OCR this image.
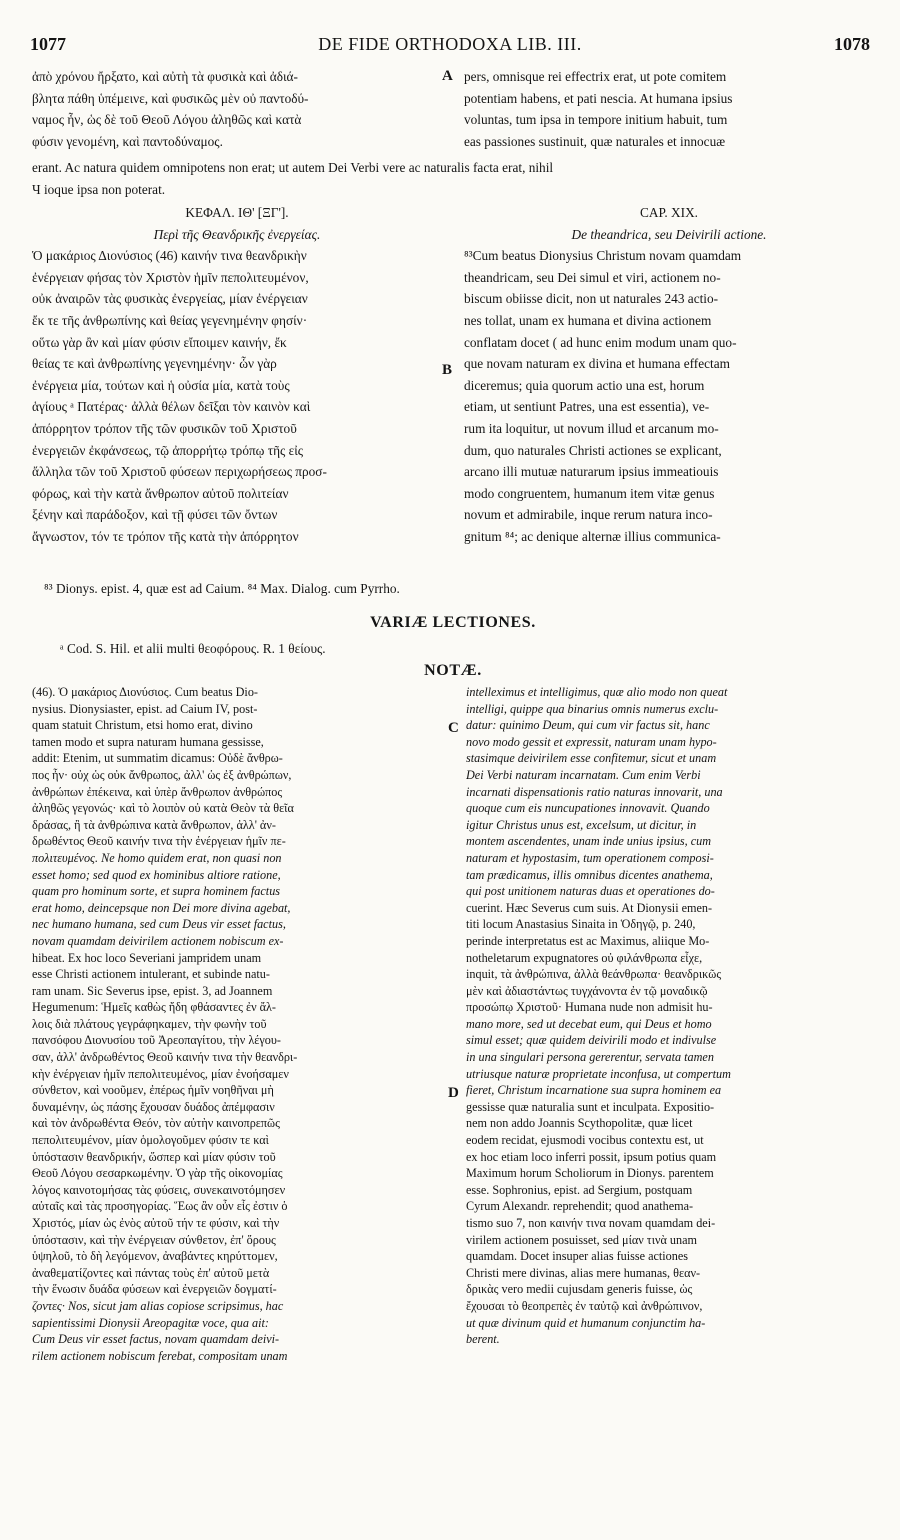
1077	DE FIDE ORTHODOXA LIB. III.	1078
A
B
C
D
ἀπὸ χρόνου ἤρξατο, καὶ αὐτὴ τὰ φυσικὰ καὶ ἀδιά-
βλητα πάθη ὑπέμεινε, καὶ φυσικῶς μὲν οὐ παντοδύ-
ναμος ἦν, ὡς δὲ τοῦ Θεοῦ Λόγου ἀληθῶς καὶ κατὰ
φύσιν γενομένη, καὶ παντοδύναμος.
pers, omnisque rei effectrix erat, ut pote comitem
potentiam habens, et pati nescia. At humana ipsius
voluntas, tum ipsa in tempore initium habuit, tum
eas passiones sustinuit, quæ naturales et innocuæ
erant. Ac natura quidem omnipotens non erat; ut autem Dei Verbi vere ac naturalis facta erat, nihil
Ч ioque ipsa non poterat.
ΚΕΦΑΛ. ΙΘ' [ΞΓ'].
Περὶ τῆς Θεανδρικῆς ἐνεργείας.
Ὁ μακάριος Διονύσιος (46) καινήν τινα θεανδρικὴν
ἐνέργειαν φήσας τὸν Χριστὸν ἡμῖν πεπολιτευμένον,
οὐκ ἀναιρῶν τὰς φυσικὰς ἐνεργείας, μίαν ἐνέργειαν
ἔκ τε τῆς ἀνθρωπίνης καὶ θείας γεγενημένην φησίν·
οὕτω γὰρ ἂν καὶ μίαν φύσιν εἴποιμεν καινήν, ἔκ
θείας τε καὶ ἀνθρωπίνης γεγενημένην· ὧν γὰρ
ἐνέργεια μία, τούτων καὶ ἡ οὐσία μία, κατὰ τοὺς
ἁγίους ᵃ Πατέρας· ἀλλὰ θέλων δεῖξαι τὸν καινὸν καὶ
ἀπόρρητον τρόπον τῆς τῶν φυσικῶν τοῦ Χριστοῦ
ἐνεργειῶν ἐκφάνσεως, τῷ ἀπορρήτῳ τρόπῳ τῆς εἰς
ἄλληλα τῶν τοῦ Χριστοῦ φύσεων περιχωρήσεως προσ-
φόρως, καὶ τὴν κατὰ ἄνθρωπον αὐτοῦ πολιτείαν
ξένην καὶ παράδοξον, καὶ τῇ φύσει τῶν ὄντων
ἄγνωστον, τόν τε τρόπον τῆς κατὰ τὴν ἀπόρρητον
CAP. XIX.
De theandrica, seu Deivirili actione.
⁸³Cum beatus Dionysius Christum novam quamdam
theandricam, seu Dei simul et viri, actionem no-
biscum obiisse dicit, non ut naturales 243 actio-
nes tollat, unam ex humana et divina actionem
conflatam docet ( ad hunc enim modum unam quo-
que novam naturam ex divina et humana effectam
diceremus; quia quorum actio una est, horum
etiam, ut sentiunt Patres, una est essentia), ve-
rum ita loquitur, ut novum illud et arcanum mo-
dum, quo naturales Christi actiones se explicant,
arcano illi mutuæ naturarum ipsius immeatiouis
modo congruentem, humanum item vitæ genus
novum et admirabile, inque rerum natura inco-
gnitum ⁸⁴; ac denique alternæ illius communica-
⁸³ Dionys. epist. 4, quæ est ad Caium. ⁸⁴ Max. Dialog. cum Pyrrho.
VARIÆ LECTIONES.
ᵃ Cod. S. Hil. et alii multi θεοφόρους. R. 1 θείους.
NOTÆ.
(46). Ὁ μακάριος Διονύσιος. Cum beatus Dio-
nysius. Dionysiaster, epist. ad Caium IV, post-
quam statuit Christum, etsi homo erat, divino
tamen modo et supra naturam humana gessisse,
addit: Etenim, ut summatim dicamus: Οὐδὲ ἄνθρω-
πος ἦν· οὐχ ὡς οὐκ ἄνθρωπος, ἀλλ' ὡς ἐξ ἀνθρώπων,
ἀνθρώπων ἐπέκεινα, καὶ ὑπὲρ ἄνθρωπον ἀνθρώπος
ἀληθῶς γεγονώς· καὶ τὸ λοιπὸν οὐ κατὰ Θεὸν τὰ θεῖα
δράσας, ἢ τὰ ἀνθρώπινα κατὰ ἄνθρωπον, ἀλλ' ἀν-
δρωθέντος Θεοῦ καινήν τινα τὴν ἐνέργειαν ἡμῖν πε-
πολιτευμένος. Ne homo quidem erat, non quasi non
esset homo; sed quod ex hominibus altiore ratione,
quam pro hominum sorte, et supra hominem factus
erat homo, deincepsque non Dei more divina agebat,
nec humano humana, sed cum Deus vir esset factus,
novam quamdam deivirilem actionem nobiscum ex-
hibeat. Ex hoc loco Severiani jampridem unam
esse Christi actionem intulerant, et subinde natu-
ram unam. Sic Severus ipse, epist. 3, ad Joannem
Hegumenum: Ἡμεῖς καθὼς ἤδη φθάσαντες ἐν ἄλ-
λοις διὰ πλάτους γεγράφηκαμεν, τὴν φωνὴν τοῦ
πανσόφου Διονυσίου τοῦ Ἀρεοπαγίτου, τὴν λέγου-
σαν, ἀλλ' ἀνδρωθέντος Θεοῦ καινήν τινα τὴν θεανδρι-
κὴν ἐνέργειαν ἡμῖν πεπολιτευμένος, μίαν ἐνοήσαμεν
σύνθετον, καὶ νοοῦμεν, ἐπέρως ἡμῖν νοηθῆναι μὴ
δυναμένην, ὡς πάσης ἔχουσαν δυάδος ἀπέμφασιν
καὶ τὸν ἀνδρωθέντα Θεόν, τὸν αὐτὴν καινοπρεπῶς
πεπολιτευμένον, μίαν ὁμολογοῦμεν φύσιν τε καὶ
ὑπόστασιν θεανδρικήν, ὥσπερ καὶ μίαν φύσιν τοῦ
Θεοῦ Λόγου σεσαρκωμένην. Ὁ γὰρ τῆς οἰκονομίας
λόγος καινοτομήσας τὰς φύσεις, συνεκαινοτόμησεν
αὐταῖς καὶ τὰς προσηγορίας. Ἕως ἂν οὖν εἷς ἐστιν ὁ
Χριστός, μίαν ὡς ἐνὸς αὐτοῦ τήν τε φύσιν, καὶ τὴν
ὑπόστασιν, καὶ τὴν ἐνέργειαν σύνθετον, ἐπ' ὅρους
ὑψηλοῦ, τὸ δὴ λεγόμενον, ἀναβάντες κηρύττομεν,
ἀναθεματίζοντες καὶ πάντας τοὺς ἐπ' αὐτοῦ μετὰ
τὴν ἕνωσιν δυάδα φύσεων καὶ ἐνεργειῶν δογματί-
ζοντες· Nos, sicut jam alias copiose scripsimus, hac
sapientissimi Dionysii Areopagitæ voce, qua ait:
Cum Deus vir esset factus, novam quamdam deivi-
rilem actionem nobiscum ferebat, compositam unam
intelleximus et intelligimus, quæ alio modo non queat
intelligi, quippe qua binarius omnis numerus exclu-
datur: quinimo Deum, qui cum vir factus sit, hanc
novo modo gessit et expressit, naturam unam hypo-
stasimque deivirilem esse confitemur, sicut et unam
Dei Verbi naturam incarnatam. Cum enim Verbi
incarnati dispensationis ratio naturas innovarit, una
quoque cum eis nuncupationes innovavit. Quando
igitur Christus unus est, excelsum, ut dicitur, in
montem ascendentes, unam inde unius ipsius, cum
naturam et hypostasim, tum operationem composi-
tam prædicamus, illis omnibus dicentes anathema,
qui post unitionem naturas duas et operationes do-
cuerint. Hæc Severus cum suis. At Dionysii emen-
titi locum Anastasius Sinaita in Ὁδηγῷ, p. 240,
perinde interpretatus est ac Maximus, aliique Mo-
notheletarum expugnatores οὐ φιλάνθρωπα εἶχε,
inquit, τὰ ἀνθρώπινα, ἀλλὰ θεάνθρωπα· θεανδρικῶς
μὲν καὶ ἀδιαστάντως τυγχάνοντα ἐν τῷ μοναδικῷ
προσώπῳ Χριστοῦ· Humana nude non admisit hu-
mano more, sed ut decebat eum, qui Deus et homo
simul esset; quæ quidem deivirili modo et indivulse
in una singulari persona gererentur, servata tamen
utriusque naturæ proprietate inconfusa, ut compertum
fieret, Christum incarnatione sua supra hominem ea
gessisse quæ naturalia sunt et inculpata. Expositio-
nem non addo Joannis Scythopolitæ, quæ licet
eodem recidat, ejusmodi vocibus contextu est, ut
ex hoc etiam loco inferri possit, ipsum potius quam
Maximum horum Scholiorum in Dionys. parentem
esse. Sophronius, epist. ad Sergium, postquam
Cyrum Alexandr. reprehendit; quod anathema-
tismo suo 7, non καινήν τινα novam quamdam dei-
virilem actionem posuisset, sed μίαν τινὰ unam
quamdam. Docet insuper alias fuisse actiones
Christi mere divinas, alias mere humanas, θεαν-
δρικὰς vero medii cujusdam generis fuisse, ὡς
ἔχουσαι τὸ θεοπρεπὲς ἐν ταὐτῷ καὶ ἀνθρώπινον,
ut quæ divinum quid et humanum conjunctim ha-
berent.
